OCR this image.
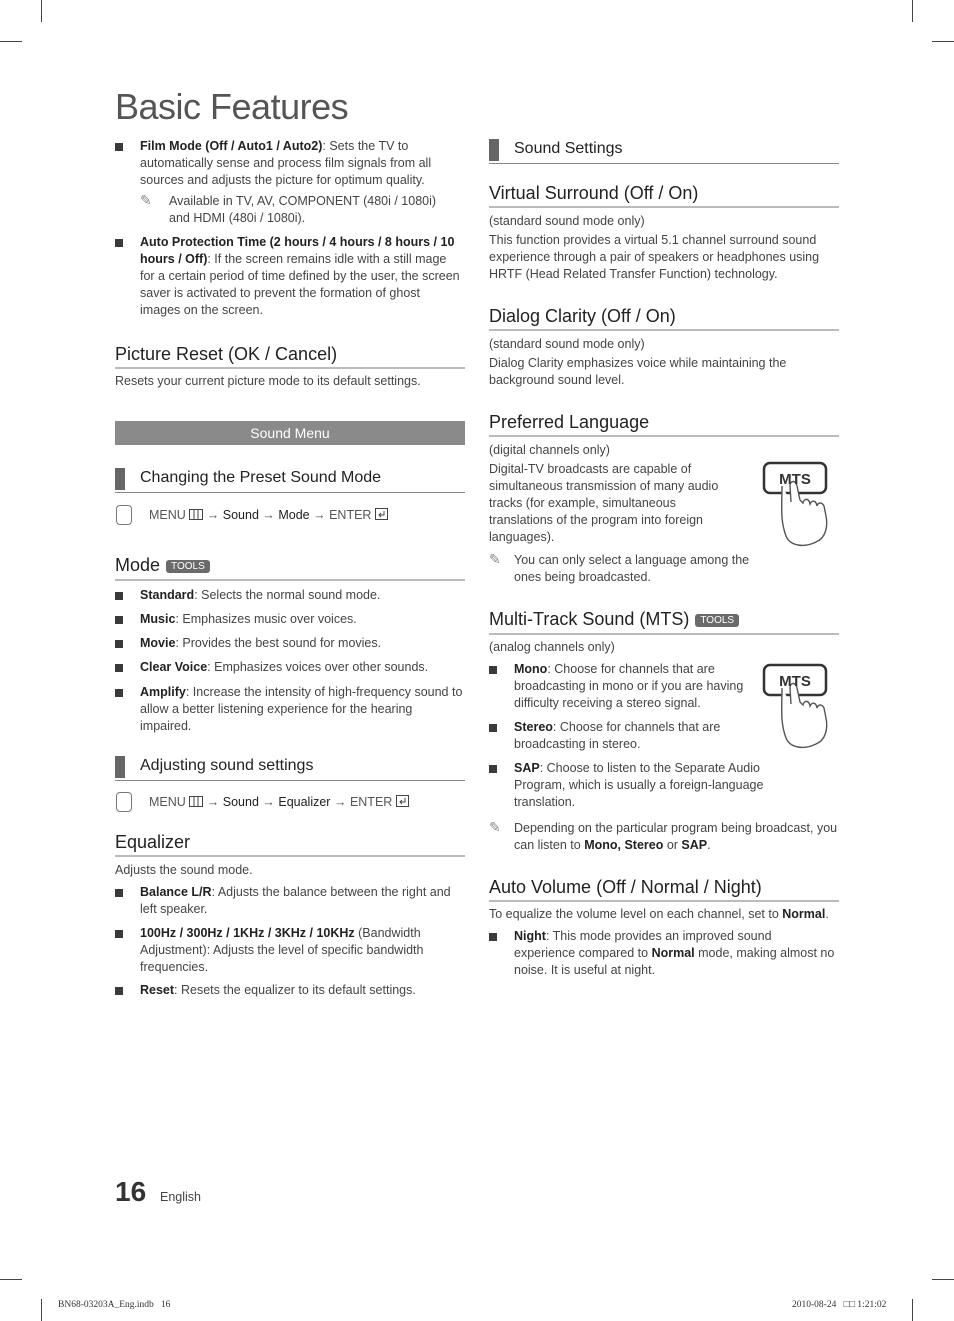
Basic Features
Film Mode (Off / Auto1 / Auto2): Sets the TV to automatically sense and process film signals from all sources and adjusts the picture for optimum quality.
✎ Available in TV, AV, COMPONENT (480i / 1080i) and HDMI (480i / 1080i).
Auto Protection Time (2 hours / 4 hours / 8 hours / 10 hours / Off): If the screen remains idle with a still mage for a certain period of time defined by the user, the screen saver is activated to prevent the formation of ghost images on the screen.
Picture Reset (OK / Cancel)
Resets your current picture mode to its default settings.
Sound Menu
Changing the Preset Sound Mode
MENU  → Sound → Mode → ENTER
Mode TOOLS
Standard: Selects the normal sound mode.
Music: Emphasizes music over voices.
Movie: Provides the best sound for movies.
Clear Voice: Emphasizes voices over other sounds.
Amplify: Increase the intensity of high-frequency sound to allow a better listening experience for the hearing impaired.
Adjusting sound settings
MENU  → Sound → Equalizer → ENTER
Equalizer
Adjusts the sound mode.
Balance L/R: Adjusts the balance between the right and left speaker.
100Hz / 300Hz / 1KHz / 3KHz / 10KHz (Bandwidth Adjustment): Adjusts the level of specific bandwidth frequencies.
Reset: Resets the equalizer to its default settings.
Sound Settings
Virtual Surround (Off / On)
(standard sound mode only)
This function provides a virtual 5.1 channel surround sound experience through a pair of speakers or headphones using HRTF (Head Related Transfer Function) technology.
Dialog Clarity (Off / On)
(standard sound mode only)
Dialog Clarity emphasizes voice while maintaining the background sound level.
Preferred Language
(digital channels only)
Digital-TV broadcasts are capable of simultaneous transmission of many audio tracks (for example, simultaneous translations of the program into foreign languages).
✎ You can only select a language among the ones being broadcasted.
MTS
Multi-Track Sound (MTS) TOOLS
(analog channels only)
Mono: Choose for channels that are broadcasting in mono or if you are having difficulty receiving a stereo signal.
Stereo: Choose for channels that are broadcasting in stereo.
SAP: Choose to listen to the Separate Audio Program, which is usually a foreign-language translation.
MTS
✎ Depending on the particular program being broadcast, you can listen to Mono, Stereo or SAP.
Auto Volume (Off / Normal / Night)
To equalize the volume level on each channel, set to Normal.
Night: This mode provides an improved sound experience compared to Normal mode, making almost no noise. It is useful at night.
16 English
BN68-03203A_Eng.indb   16	2010-08-24   □□ 1:21:02
